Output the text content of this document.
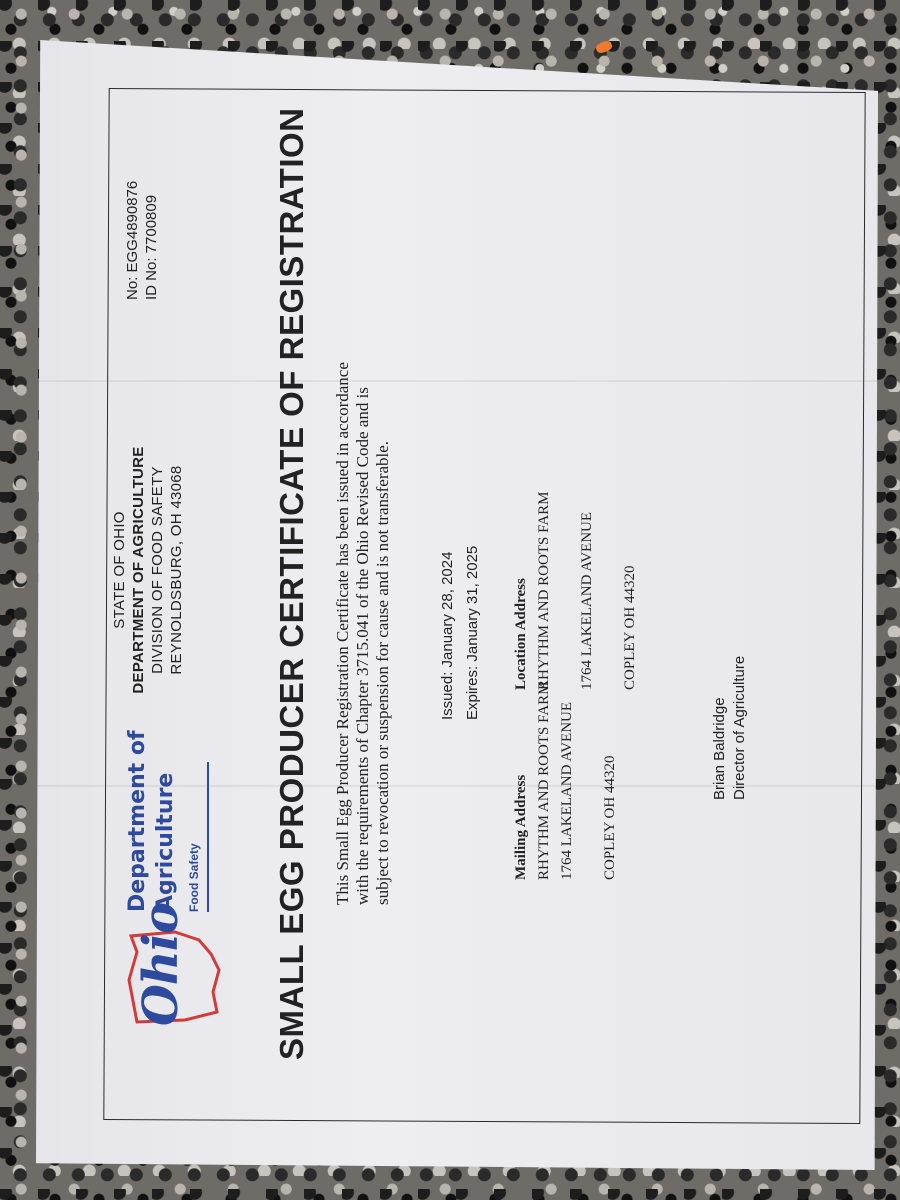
Ohio
Department of Agriculture Food Safety
STATE OF OHIO DEPARTMENT OF AGRICULTURE DIVISION OF FOOD SAFETY REYNOLDSBURG, OH 43068
No: EGG4890876 ID No: 7700809	SMALL EGG PRODUCER CERTIFICATE OF REGISTRATION This Small Egg Producer Registration Certificate has been issued in accordance with the requirements of Chapter 3715.041 of the Ohio Revised Code and is subject to revocation or suspension for cause and is not transferable.	Issued: January 28, 2024 Expires: January 31, 2025
Mailing Address RHYTHM AND ROOTS FARM 1764 LAKELAND AVENUE COPLEY OH 44320
Location Address RHYTHM AND ROOTS FARM 1764 LAKELAND AVENUE COPLEY OH 44320
Brian Baldridge Director of Agriculture
